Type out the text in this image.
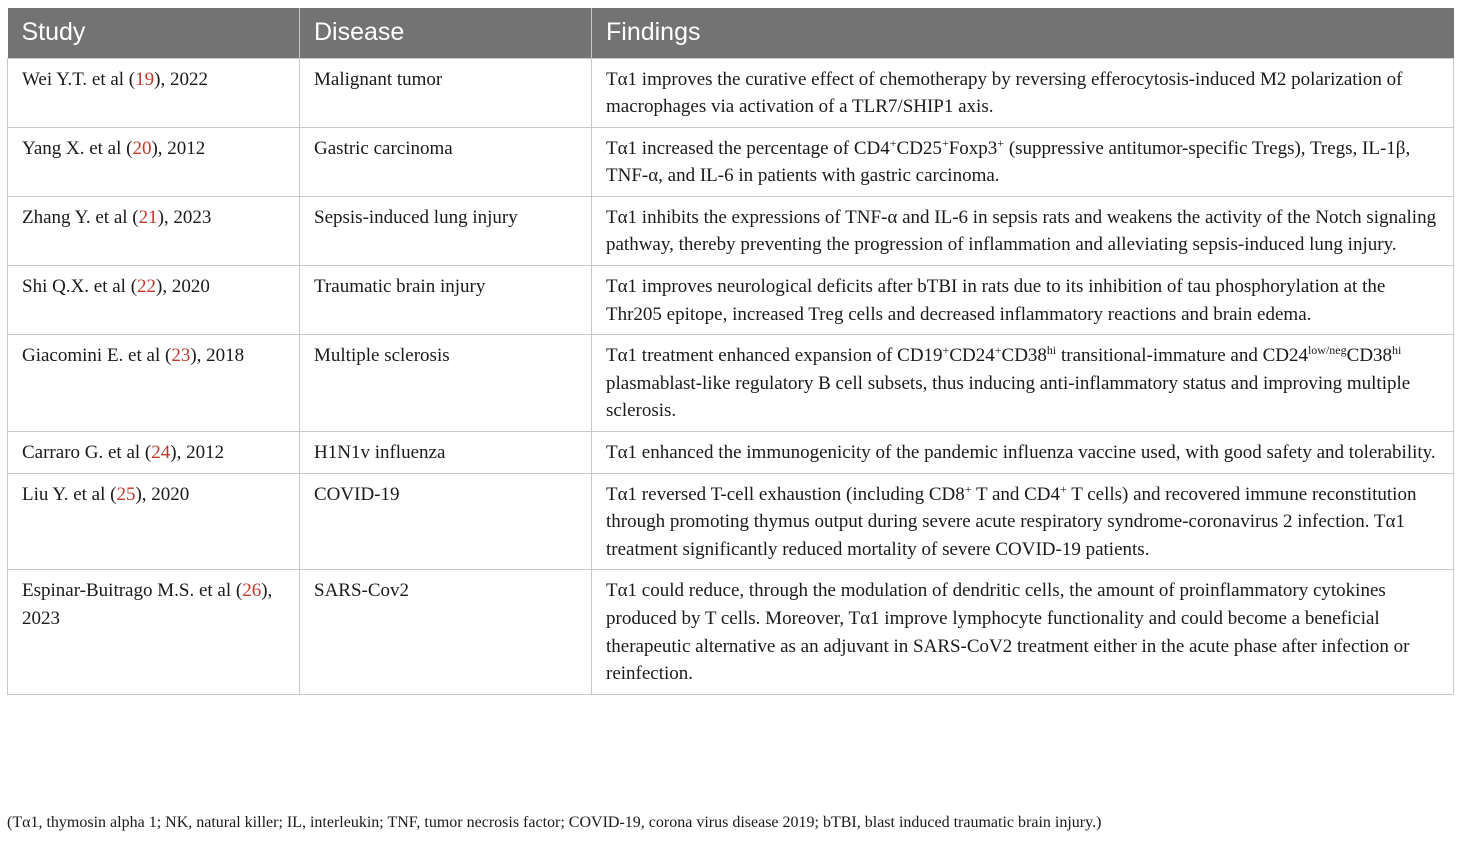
Study	Disease	Findings
Wei Y.T. et al (19), 2022	Malignant tumor	Tα1 improves the curative effect of chemotherapy by reversing efferocytosis-induced M2 polarization of macrophages via activation of a TLR7/SHIP1 axis.
Yang X. et al (20), 2012	Gastric carcinoma	Tα1 increased the percentage of CD4+CD25+Foxp3+ (suppressive antitumor-specific Tregs), Tregs, IL-1β, TNF-α, and IL-6 in patients with gastric carcinoma.
Zhang Y. et al (21), 2023	Sepsis-induced lung injury	Tα1 inhibits the expressions of TNF-α and IL-6 in sepsis rats and weakens the activity of the Notch signaling pathway, thereby preventing the progression of inflammation and alleviating sepsis-induced lung injury.
Shi Q.X. et al (22), 2020	Traumatic brain injury	Tα1 improves neurological deficits after bTBI in rats due to its inhibition of tau phosphorylation at the Thr205 epitope, increased Treg cells and decreased inflammatory reactions and brain edema.
Giacomini E. et al (23), 2018	Multiple sclerosis	Tα1 treatment enhanced expansion of $CD19^+CD24^+CD38^{hi}$ transitional-immature and $CD24^{low/neg}CD38^{hi}$ plasmablast-like regulatory B cell subsets, thus inducing anti-inflammatory status and improving multiple sclerosis.
Carraro G. et al (24), 2012	H1N1v influenza	Tα1 enhanced the immunogenicity of the pandemic influenza vaccine used, with good safety and tolerability.
Liu Y. et al (25), 2020	COVID-19	Tα1 reversed T-cell exhaustion (including CD8+ T and CD4+ T cells) and recovered immune reconstitution through promoting thymus output during severe acute respiratory syndrome-coronavirus 2 infection. Tα1 treatment significantly reduced mortality of severe COVID-19 patients.
Espinar-Buitrago M.S. et al (26), 2023	SARS-Cov2	Tα1 could reduce, through the modulation of dendritic cells, the amount of proinflammatory cytokines produced by T cells. Moreover, Tα1 improve lymphocyte functionality and could become a beneficial therapeutic alternative as an adjuvant in SARS-CoV2 treatment either in the acute phase after infection or reinfection.
(Tα1, thymosin alpha 1; NK, natural killer; IL, interleukin; TNF, tumor necrosis factor; COVID-19, corona virus disease 2019; bTBI, blast induced traumatic brain injury.)
